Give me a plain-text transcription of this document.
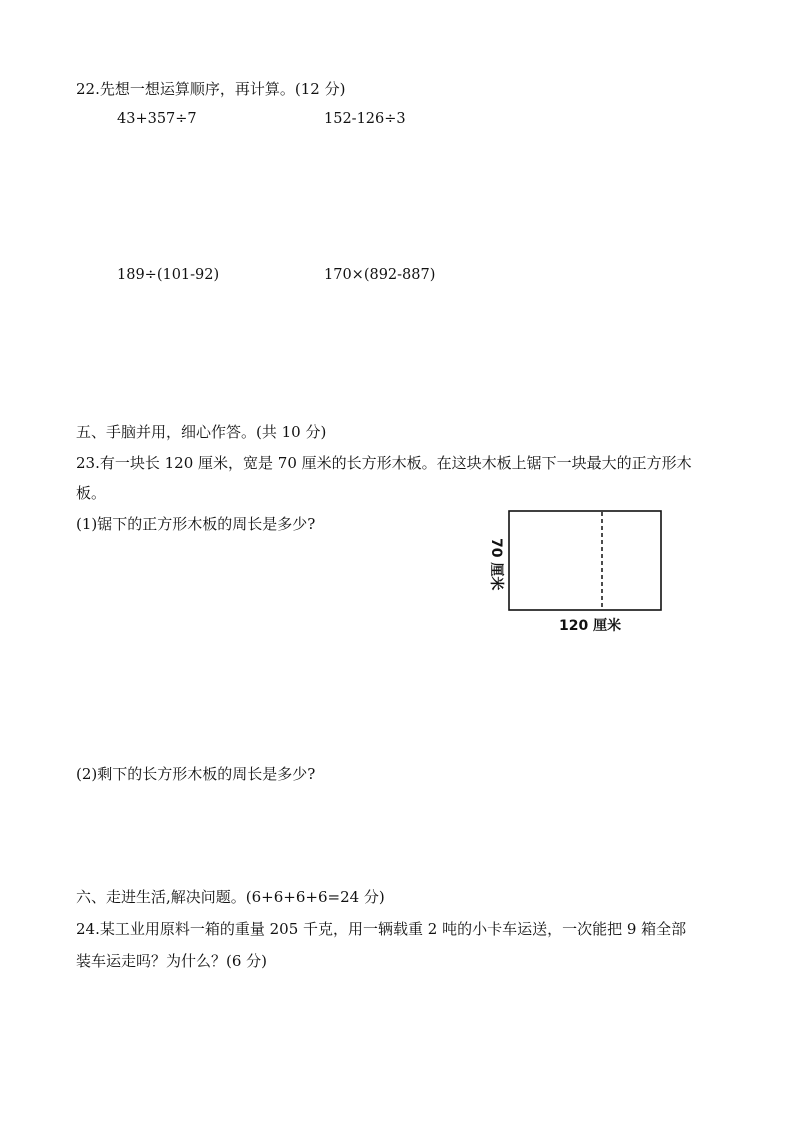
22.先想一想运算顺序，再计算。(12 分)
43+357÷7	152-126÷3
189÷(101-92)	170×(892-887)
五、手脑并用，细心作答。(共 10 分)
23.有一块长 120 厘米，宽是 70 厘米的长方形木板。在这块木板上锯下一块最大的正方形木
板。
(1)锯下的正方形木板的周长是多少?
70 厘米
120 厘米
(2)剩下的长方形木板的周长是多少?
六、走进生活,解决问题。(6+6+6+6=24 分)
24.某工业用原料一箱的重量 205 千克，用一辆载重 2 吨的小卡车运送，一次能把 9 箱全部
装车运走吗？为什么？(6 分)
